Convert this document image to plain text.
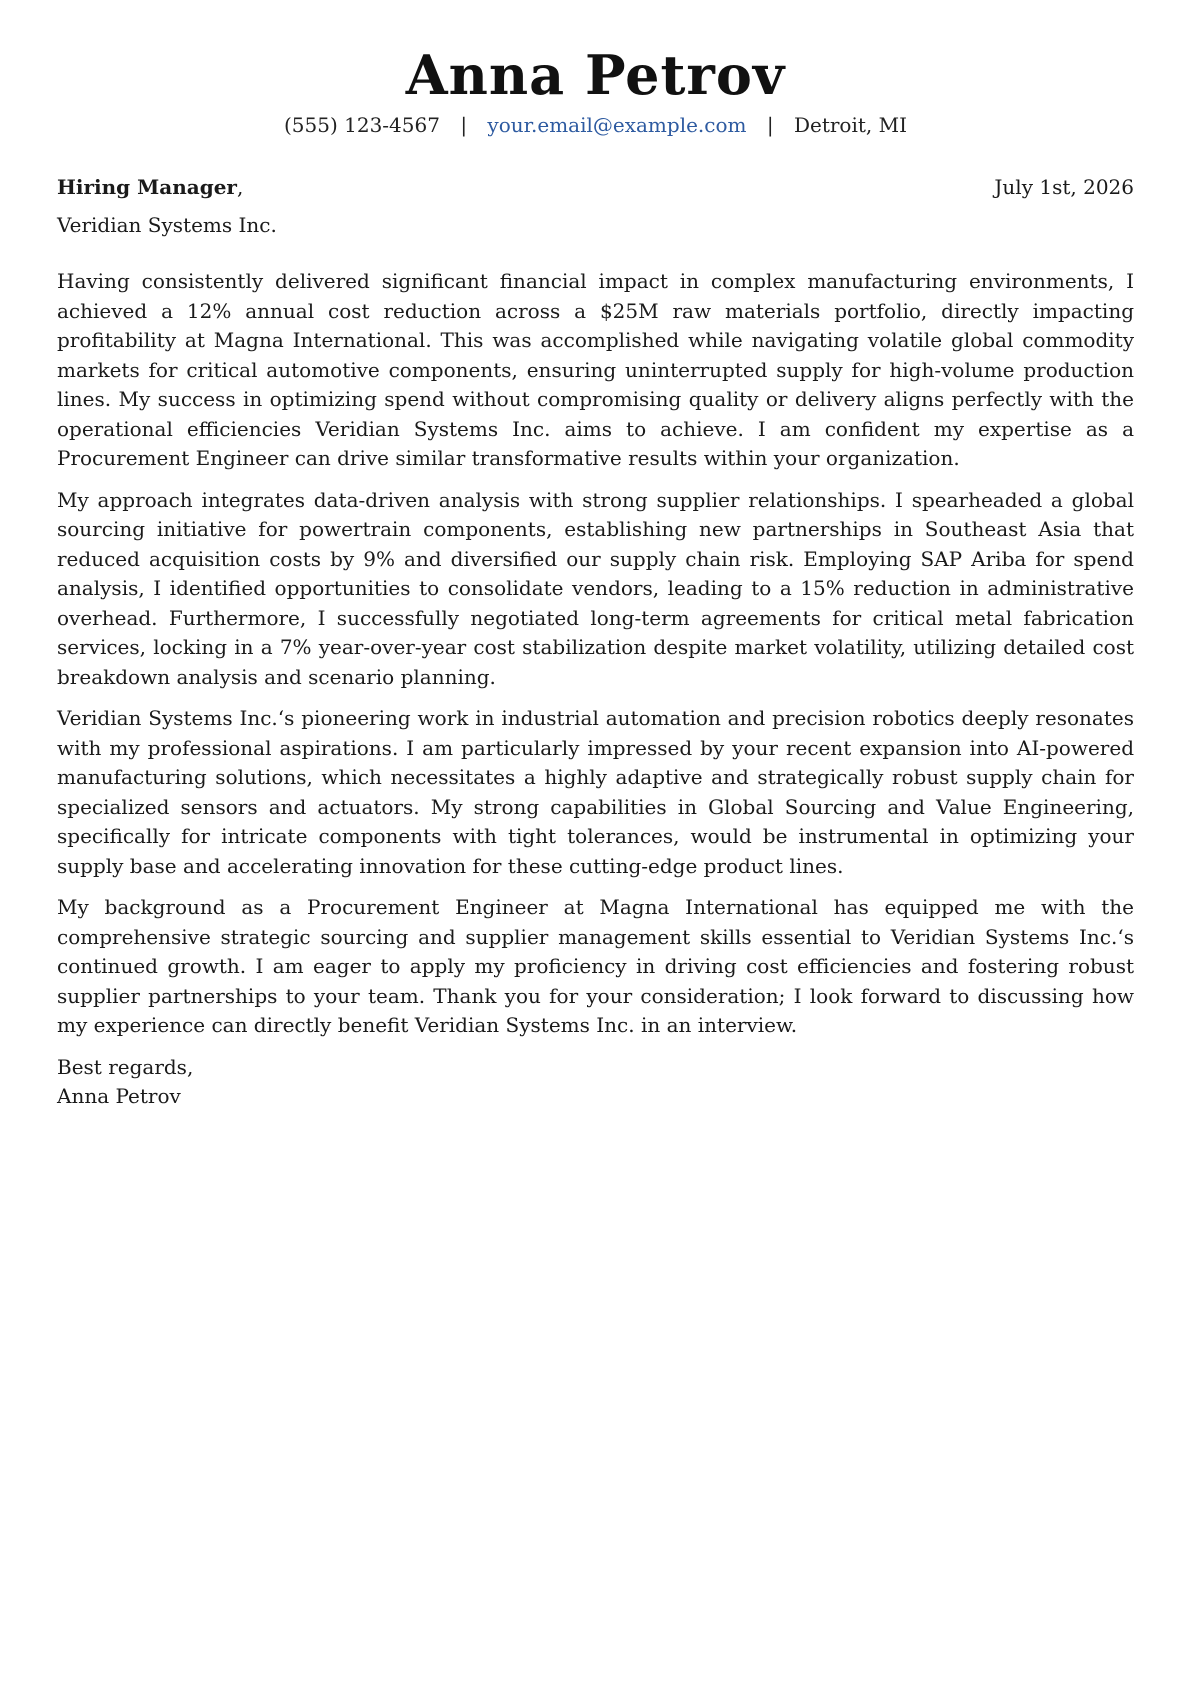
Anna Petrov
(555) 123-4567 | your.email@example.com | Detroit, MI
Hiring Manager,	July 1st, 2026
Veridian Systems Inc.

Having consistently delivered significant financial impact in complex manufacturing environments, I achieved a 12% annual cost reduction across a $25M raw materials portfolio, directly impacting profitability at Magna International. This was accomplished while navigating volatile global commodity markets for critical automotive components, ensuring uninterrupted supply for high-volume production lines. My success in optimizing spend without compromising quality or delivery aligns perfectly with the operational efficiencies Veridian Systems Inc. aims to achieve. I am confident my expertise as a Procurement Engineer can drive similar transformative results within your organization.

My approach integrates data-driven analysis with strong supplier relationships. I spearheaded a global sourcing initiative for powertrain components, establishing new partnerships in Southeast Asia that reduced acquisition costs by 9% and diversified our supply chain risk. Employing SAP Ariba for spend analysis, I identified opportunities to consolidate vendors, leading to a 15% reduction in administrative overhead. Furthermore, I successfully negotiated long-term agreements for critical metal fabrication services, locking in a 7% year-over-year cost stabilization despite market volatility, utilizing detailed cost breakdown analysis and scenario planning.

Veridian Systems Inc.‘s pioneering work in industrial automation and precision robotics deeply resonates with my professional aspirations. I am particularly impressed by your recent expansion into AI-powered manufacturing solutions, which necessitates a highly adaptive and strategically robust supply chain for specialized sensors and actuators. My strong capabilities in Global Sourcing and Value Engineering, specifically for intricate components with tight tolerances, would be instrumental in optimizing your supply base and accelerating innovation for these cutting-edge product lines.

My background as a Procurement Engineer at Magna International has equipped me with the comprehensive strategic sourcing and supplier management skills essential to Veridian Systems Inc.‘s continued growth. I am eager to apply my proficiency in driving cost efficiencies and fostering robust supplier partnerships to your team. Thank you for your consideration; I look forward to discussing how my experience can directly benefit Veridian Systems Inc. in an interview.

Best regards,
Anna Petrov
